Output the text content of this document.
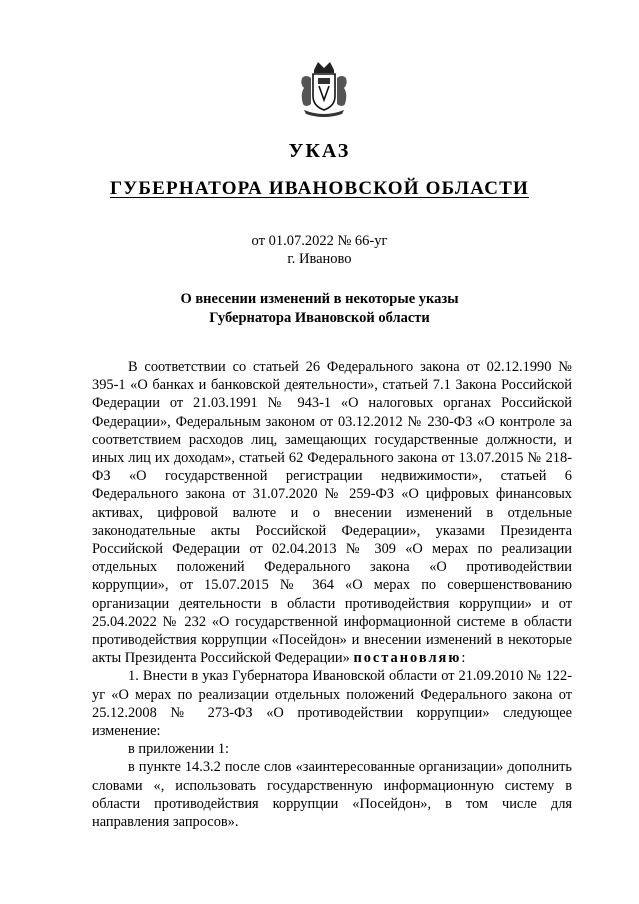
УКАЗ
ГУБЕРНАТОРА ИВАНОВСКОЙ ОБЛАСТИ
от 01.07.2022 № 66-уг
г. Иваново
О внесении изменений в некоторые указы
Губернатора Ивановской области

В соответствии со статьей 26 Федерального закона от 02.12.1990 № 395-1 «О банках и банковской деятельности», статьей 7.1 Закона Российской Федерации от 21.03.1991 № 943-1 «О налоговых органах Российской Федерации», Федеральным законом от 03.12.2012 № 230-ФЗ «О контроле за соответствием расходов лиц, замещающих государственные должности, и иных лиц их доходам», статьей 62 Федерального закона от 13.07.2015 № 218-ФЗ «О государственной регистрации недвижимости», статьей 6 Федерального закона от 31.07.2020 № 259-ФЗ «О цифровых финансовых активах, цифровой валюте и о внесении изменений в отдельные законодательные акты Российской Федерации», указами Президента Российской Федерации от 02.04.2013 № 309 «О мерах по реализации отдельных положений Федерального закона «О противодействии коррупции», от 15.07.2015 № 364 «О мерах по совершенствованию организации деятельности в области противодействия коррупции» и от 25.04.2022 № 232 «О государственной информационной системе в области противодействия коррупции «Посейдон» и внесении изменений в некоторые акты Президента Российской Федерации» постановляю:

1. Внести в указ Губернатора Ивановской области от 21.09.2010 № 122-уг «О мерах по реализации отдельных положений Федерального закона от 25.12.2008 № 273-ФЗ «О противодействии коррупции» следующее изменение:

в приложении 1:

в пункте 14.3.2 после слов «заинтересованные организации» дополнить словами «, использовать государственную информационную систему в области противодействия коррупции «Посейдон», в том числе для направления запросов».
